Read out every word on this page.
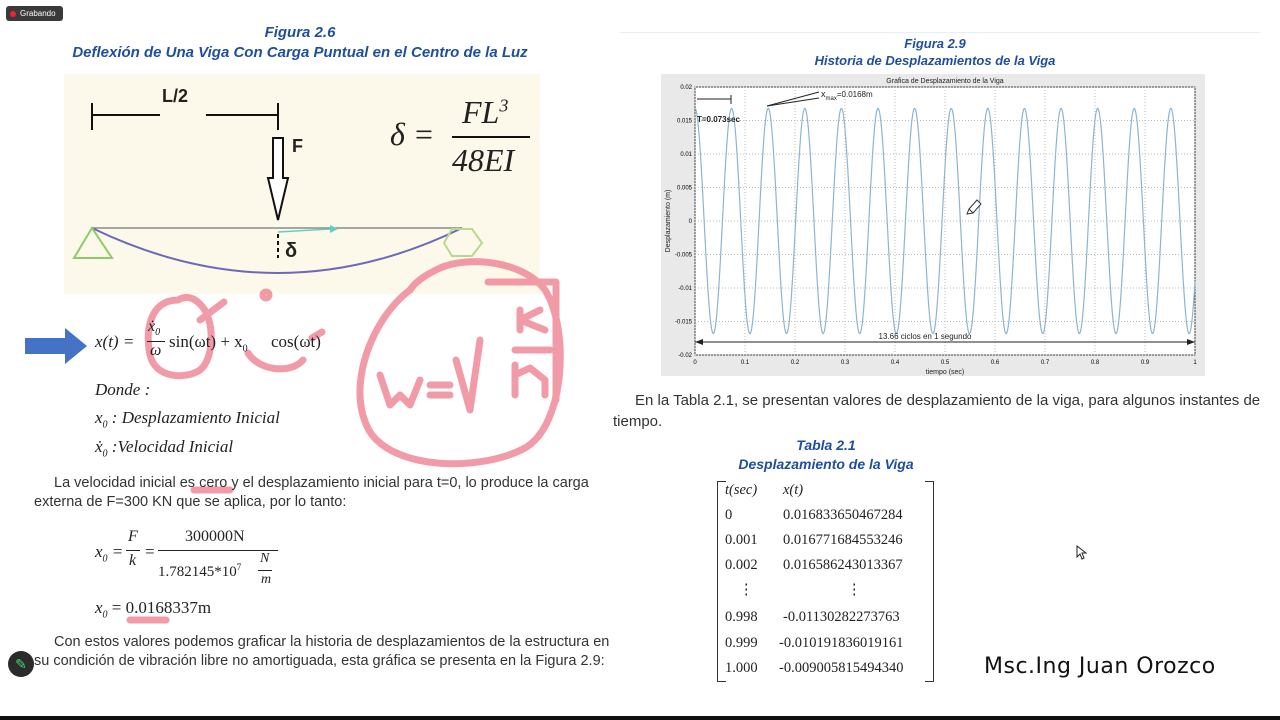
Grabando
Figura 2.6
Deflexión de Una Viga Con Carga Puntual en el Centro de la Luz
L/2
F
δ
δ =
$FL^3$
48EI
x(t) =
ẋ$_0$
ω $\sin(\omega t) + x_0$ cos(ωt)
Donde :
$x_0$ : Desplazamiento Inicial
ẋ$_0$ :Velocidad Inicial
La velocidad inicial es cero y el desplazamiento inicial para t=0, lo produce la carga externa de F=300 KN que se aplica, por lo tanto:
$x_0$ =
F
k =
300000N
$1.782145*10^7$
N
m
$x_0 = 0.0168337m$
Con estos valores podemos graficar la historia de desplazamientos de la estructura en su condición de vibración libre no amortiguada, esta gráfica se presenta en la Figura 2.9:
✎
Figura 2.9
Historia de Desplazamientos de la Viga
0	0.1	0.2	0.3	0.4	0.5	0.6	0.7	0.8	0.9	1
0.02
0.015
0.01
0.005
0
-0.005
-0.01
-0.015
-0.02
Grafica de Desplazamiento de la Viga
tiempo (sec)
Desplazamiento (m)
T=0.073sec
$x_{max}=0.0168m$
13.66 ciclos en 1 segundo
En la Tabla 2.1, se presentan valores de desplazamiento de la viga, para algunos instantes de tiempo.
Tabla 2.1
Desplazamiento de la Viga
t(sec) x(t)
0	0.016833650467284
0.001 0.016771684553246
0.002 0.016586243013367
⋮	⋮
0.998 -0.01130282273763
0.999 -0.010191836019161
1.000 -0.009005815494340	Msc.Ing Juan Orozco
